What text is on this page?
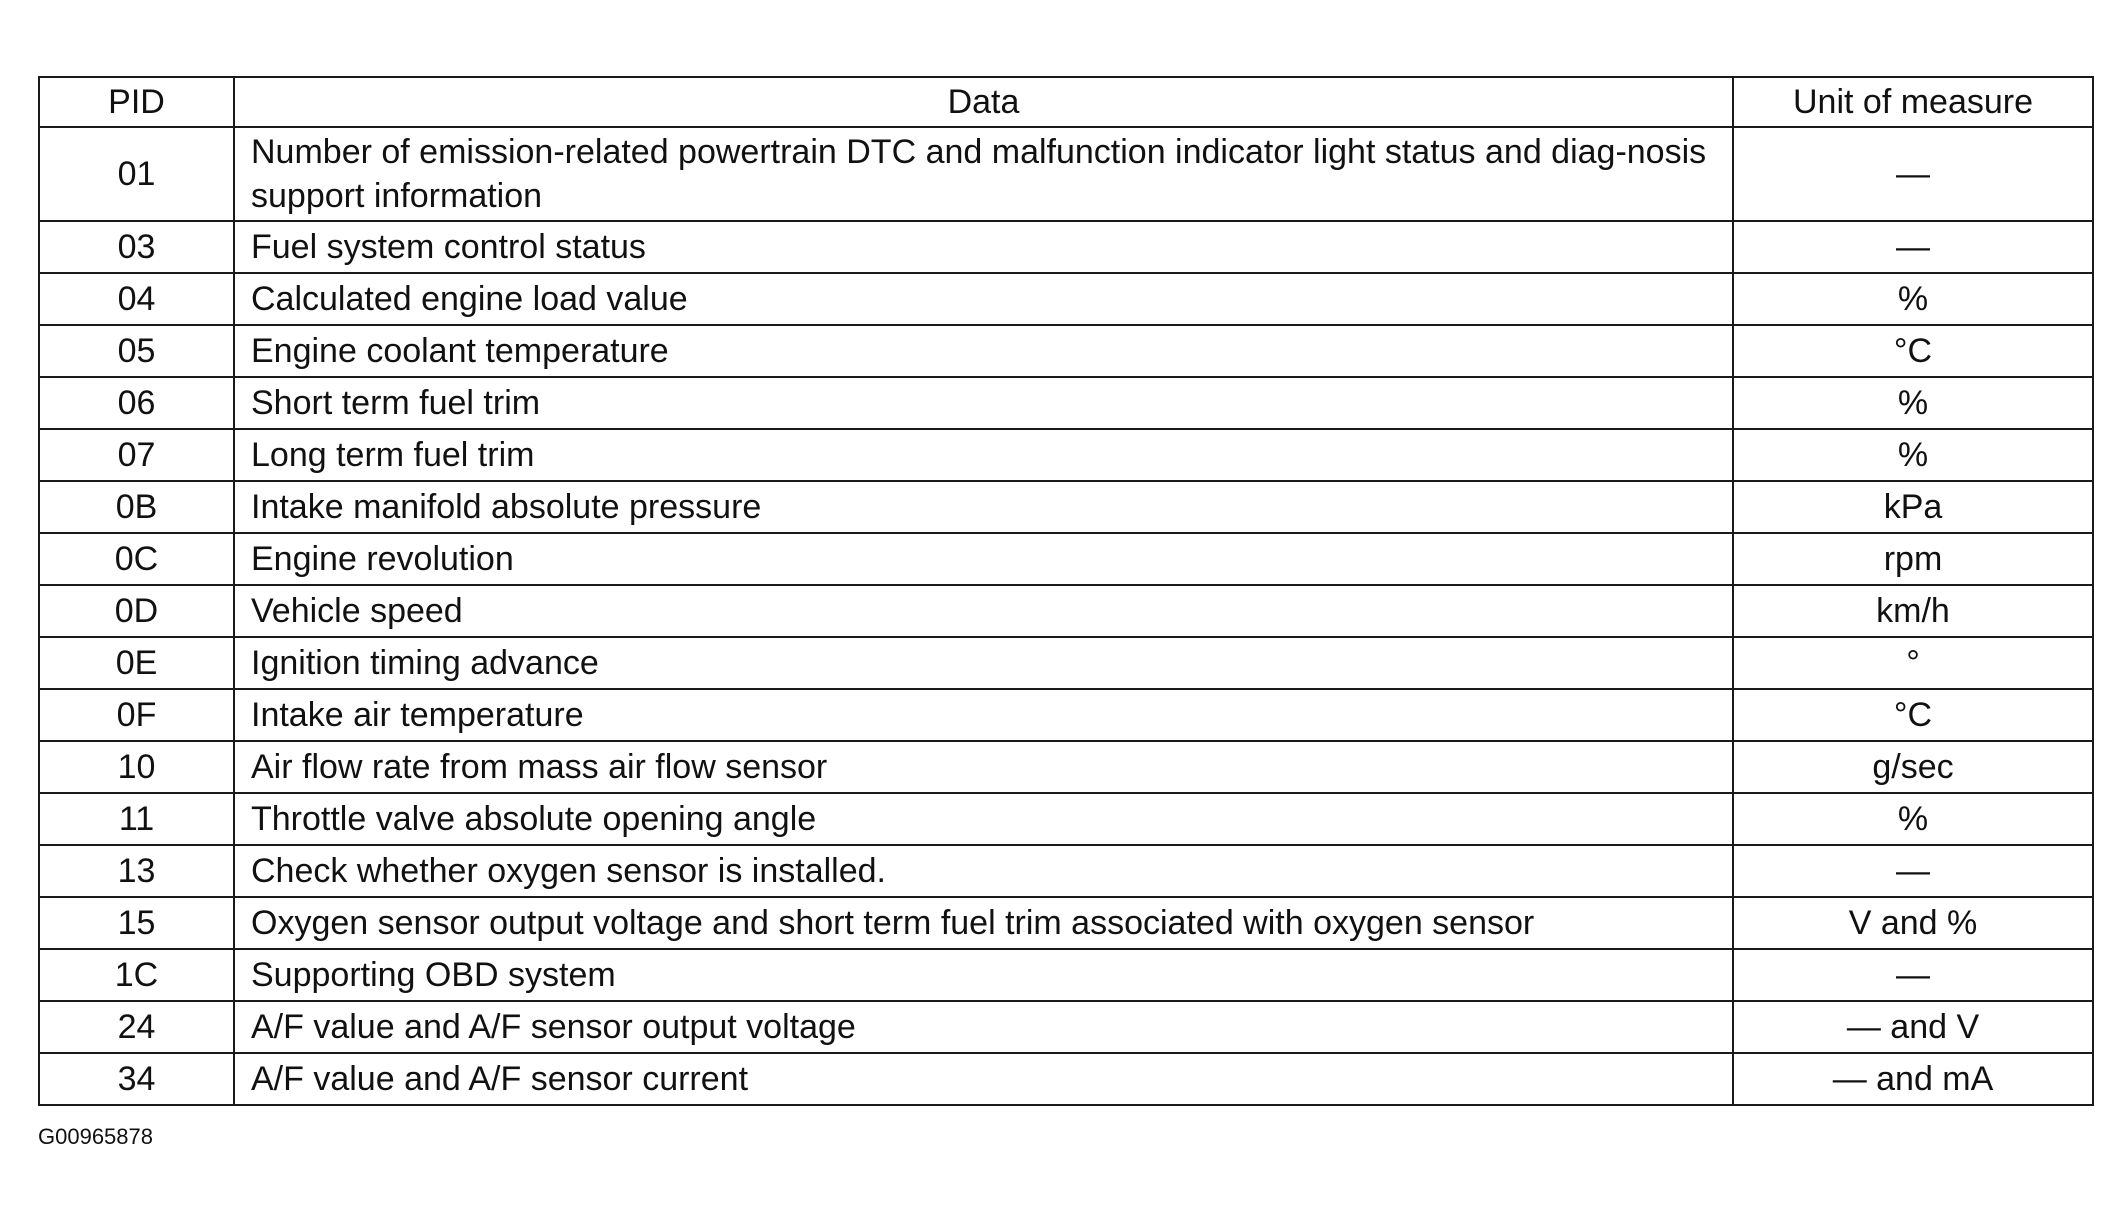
PID	Data	Unit of measure
01	Number of emission-related powertrain DTC and malfunction indicator light status and diag-nosis support information	—
03	Fuel system control status	—
04	Calculated engine load value	%
05	Engine coolant temperature	°C
06	Short term fuel trim	%
07	Long term fuel trim	%
0B	Intake manifold absolute pressure	kPa
0C	Engine revolution	rpm
0D	Vehicle speed	km/h
0E	Ignition timing advance	°
0F	Intake air temperature	°C
10	Air flow rate from mass air flow sensor	g/sec
11	Throttle valve absolute opening angle	%
13	Check whether oxygen sensor is installed.	—
15	Oxygen sensor output voltage and short term fuel trim associated with oxygen sensor	V and %
1C	Supporting OBD system	—
24	A/F value and A/F sensor output voltage	— and V
34	A/F value and A/F sensor current	— and mA
G00965878
